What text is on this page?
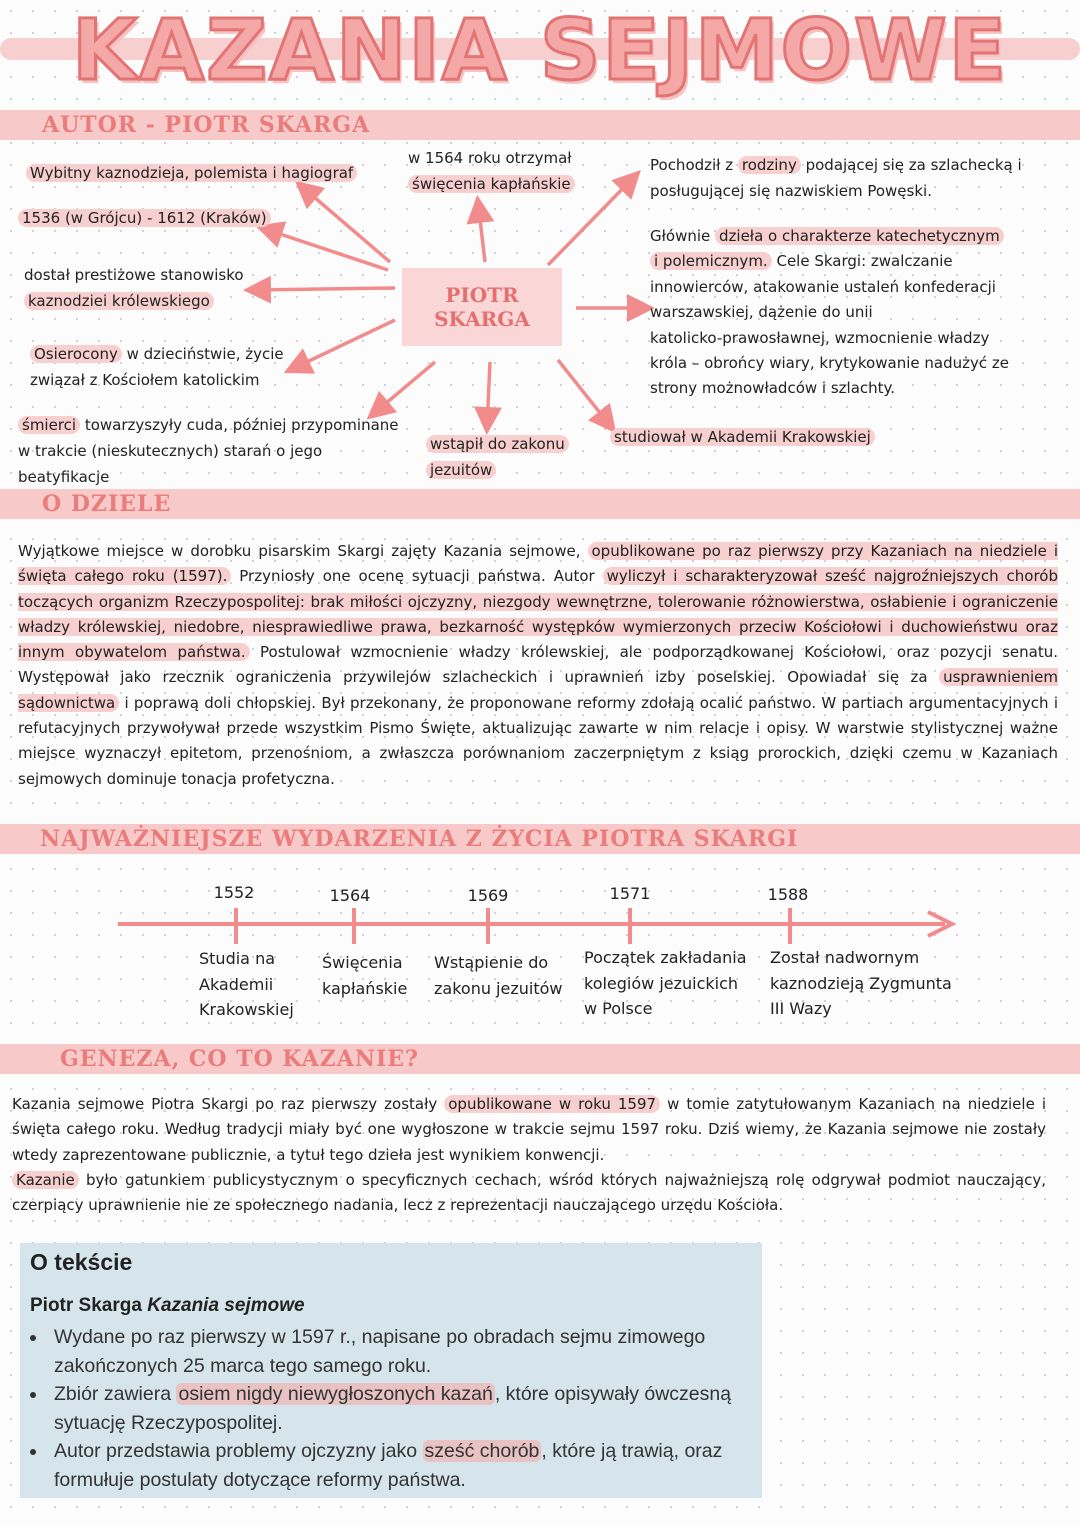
KAZANIA SEJMOWE
AUTOR - PIOTR SKARGA
PIOTR SKARGA
Wybitny kaznodzieja, polemista i hagiograf
1536 (w Grójcu) - 1612 (Kraków)
dostał prestiżowe stanowisko
kaznodziei królewskiego
Osierocony w dzieciństwie, życie
związał z Kościołem katolickim
śmierci towarzyszyły cuda, później przypominane
w trakcie (nieskutecznych) starań o jego
beatyfikacje
w 1564 roku otrzymał
święcenia kapłańskie
wstąpił do zakonu
jezuitów
studiował w Akademii Krakowskiej
Pochodził z rodziny podającej się za szlachecką i
posługującej się nazwiskiem Powęski.
Głównie dzieła o charakterze katechetycznym
i polemicznym. Cele Skargi: zwalczanie
innowierców, atakowanie ustaleń konfederacji
warszawskiej, dążenie do unii
katolicko-prawosławnej, wzmocnienie władzy
króla – obrońcy wiary, krytykowanie nadużyć ze
strony możnowładców i szlachty.
O DZIELE
Wyjątkowe miejsce w dorobku pisarskim Skargi zajęty Kazania sejmowe, opublikowane po raz pierwszy przy Kazaniach na niedziele i święta całego roku (1597). Przyniosły one ocenę sytuacji państwa. Autor wyliczył i scharakteryzował sześć najgroźniejszych chorób toczących organizm Rzeczypospolitej: brak miłości ojczyzny, niezgody wewnętrzne, tolerowanie różnowierstwa, osłabienie i ograniczenie władzy królewskiej, niedobre, niesprawiedliwe prawa, bezkarność występków wymierzonych przeciw Kościołowi i duchowieństwu oraz innym obywatelom państwa. Postulował wzmocnienie władzy królewskiej, ale podporządkowanej Kościołowi, oraz pozycji senatu. Występował jako rzecznik ograniczenia przywilejów szlacheckich i uprawnień izby poselskiej. Opowiadał się za usprawnieniem sądownictwa i poprawą doli chłopskiej. Był przekonany, że proponowane reformy zdołają ocalić państwo. W partiach argumentacyjnych i refutacyjnych przywoływał przede wszystkim Pismo Święte, aktualizując zawarte w nim relacje i opisy. W warstwie stylistycznej ważne miejsce wyznaczył epitetom, przenośniom, a zwłaszcza porównaniom zaczerpniętym z ksiąg prorockich, dzięki czemu w Kazaniach sejmowych dominuje tonacja profetyczna.
NAJWAŻNIEJSZE WYDARZENIA Z ŻYCIA PIOTRA SKARGI
1552	1564	1569	1571	1588
Studia na
Akademii
Krakowskiej
Święcenia
kapłańskie
Wstąpienie do
zakonu jezuitów
Początek zakładania
kolegiów jezuickich
w Polsce
Został nadwornym
kaznodzieją Zygmunta
III Wazy
GENEZA, CO TO KAZANIE?
Kazania sejmowe Piotra Skargi po raz pierwszy zostały opublikowane w roku 1597 w tomie zatytułowanym Kazaniach na niedziele i święta całego roku. Według tradycji miały być one wygłoszone w trakcie sejmu 1597 roku. Dziś wiemy, że Kazania sejmowe nie zostały wtedy zaprezentowane publicznie, a tytuł tego dzieła jest wynikiem konwencji.
Kazanie było gatunkiem publicystycznym o specyficznych cechach, wśród których najważniejszą rolę odgrywał podmiot nauczający, czerpiący uprawnienie nie ze społecznego nadania, lecz z reprezentacji nauczającego urzędu Kościoła.
O tekście
Piotr Skarga Kazania sejmowe
• Wydane po raz pierwszy w 1597 r., napisane po obradach sejmu zimowego zakończonych 25 marca tego samego roku.
• Zbiór zawiera osiem nigdy niewygłoszonych kazań , które opisywały ówczesną sytuację Rzeczypospolitej.
• Autor przedstawia problemy ojczyzny jako sześć chorób , które ją trawią, oraz formułuje postulaty dotyczące reformy państwa.
